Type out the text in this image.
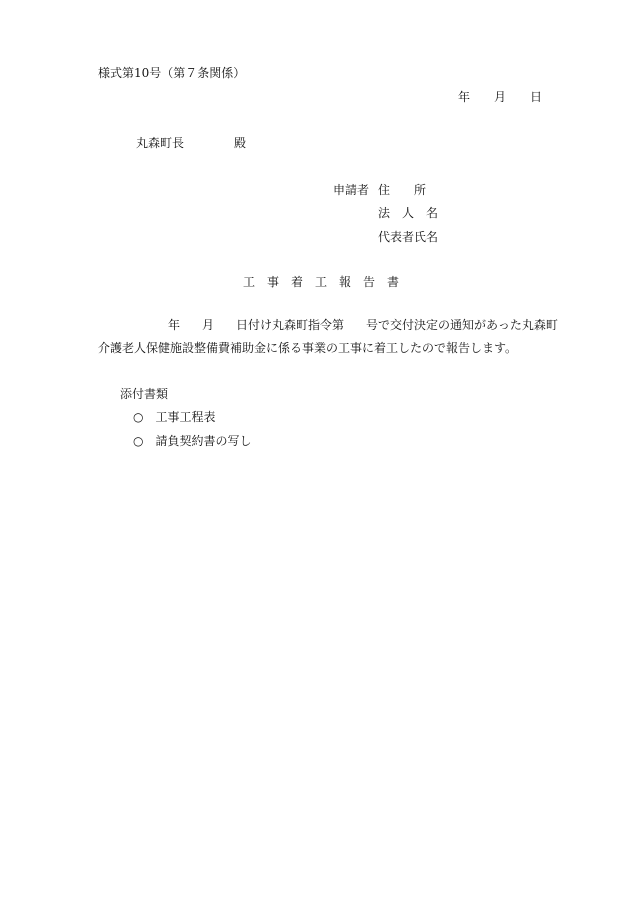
様式第10号（第７条関係）
年 月 日
丸森町長	殿
申請者 住　　所
法　人　名
代表者氏名
工　事　着　工　報　告　書
年 月 日付け丸森町指令第 号で交付決定の通知があった丸森町
介護老人保健施設整備費補助金に係る事業の工事に着工したので報告します。
添付書類
○ 工事工程表
○ 請負契約書の写し
